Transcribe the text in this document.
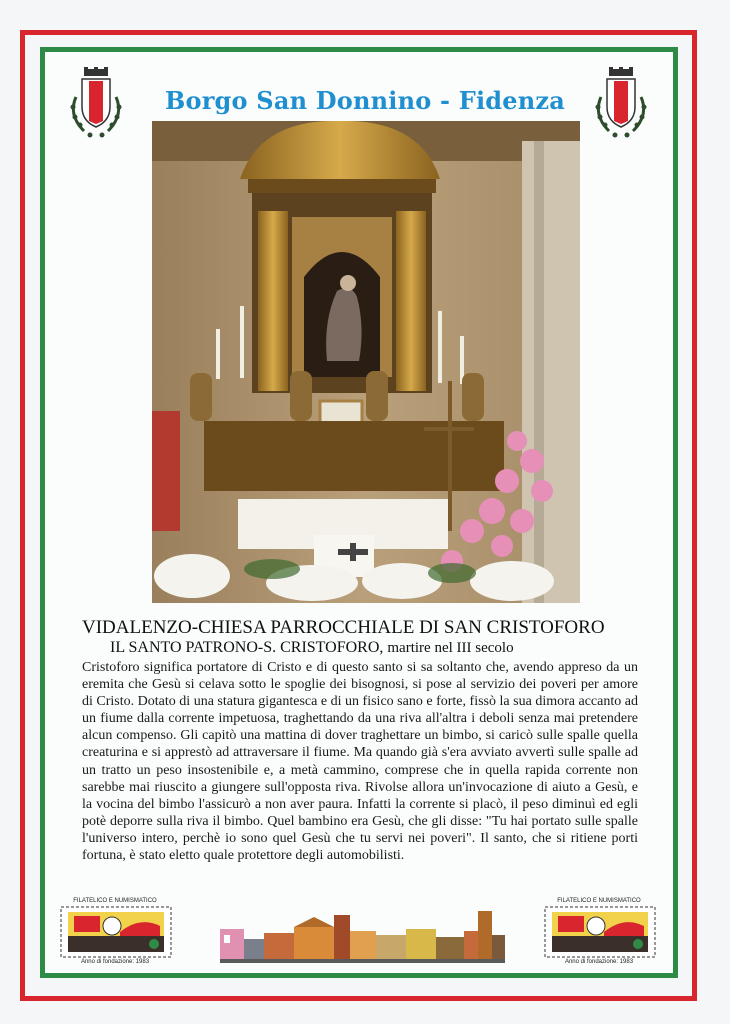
Borgo San Donnino - Fidenza
VIDALENZO-CHIESA PARROCCHIALE DI SAN CRISTOFORO
IL SANTO PATRONO-S. CRISTOFORO, martire nel III secolo
Cristoforo significa portatore di Cristo e di questo santo si sa soltanto che, avendo appreso da un eremita che Gesù si celava sotto le spoglie dei bisognosi, si pose al servizio dei poveri per amore di Cristo. Dotato di una statura gigantesca e di un fisico sano e forte, fissò la sua dimora accanto ad un fiume dalla corrente impetuosa, traghettando da una riva all'altra i deboli senza mai pretendere alcun compenso. Gli capitò una mattina di dover traghettare un bimbo, si caricò sulle spalle quella creaturina e si apprestò ad attraversare il fiume. Ma quando già s'era avviato avvertì sulle spalle ad un tratto un peso insostenibile e, a metà cammino, comprese che in quella rapida corrente non sarebbe mai riuscito a giungere sull'opposta riva. Rivolse allora un'invocazione di aiuto a Gesù, e la vocina del bimbo l'assicurò a non aver paura. Infatti la corrente si placò, il peso diminuì ed egli potè deporre sulla riva il bimbo. Quel bambino era Gesù, che gli disse: "Tu hai portato sulle spalle l'universo intero, perchè io sono quel Gesù che tu servi nei poveri". Il santo, che si ritiene porti fortuna, è stato eletto quale protettore degli automobilisti.
FILATELICO E NUMISMATICO
Anno di fondazione: 1983
FILATELICO E NUMISMATICO
Anno di fondazione: 1983
